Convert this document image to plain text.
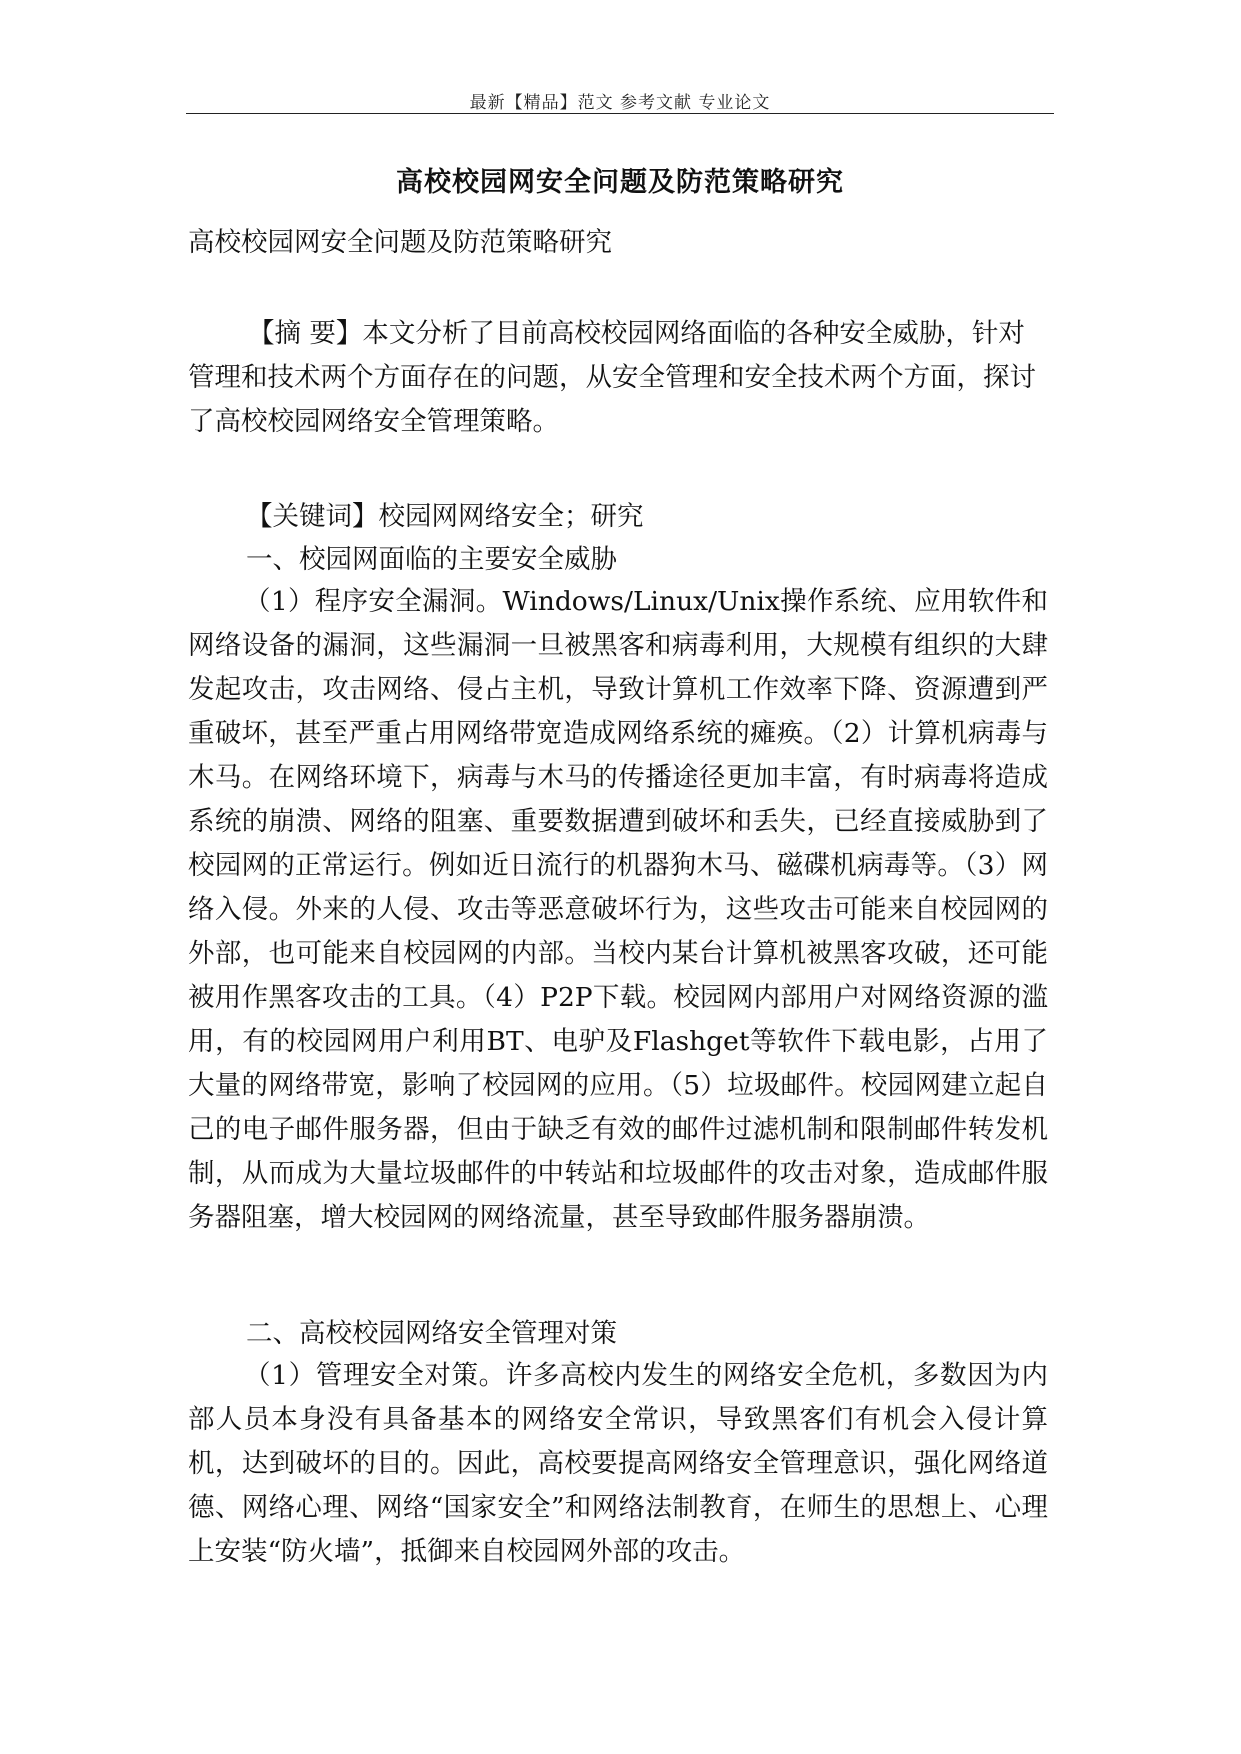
最新【精品】范文 参考文献 专业论文
高校校园网安全问题及防范策略研究

高校校园网安全问题及防范策略研究

【摘 要】本文分析了目前高校校园网络面临的各种安全威胁，针对管理和技术两个方面存在的问题，从安全管理和安全技术两个方面，探讨了高校校园网络安全管理策略。

【关键词】校园网网络安全；研究

一、校园网面临的主要安全威胁

（1）程序安全漏洞。Windows/Linux/Unix操作系统、应用软件和网络设备的漏洞，这些漏洞一旦被黑客和病毒利用，大规模有组织的大肆发起攻击，攻击网络、侵占主机，导致计算机工作效率下降、资源遭到严重破坏，甚至严重占用网络带宽造成网络系统的瘫痪。（2）计算机病毒与木马。在网络环境下，病毒与木马的传播途径更加丰富，有时病毒将造成系统的崩溃、网络的阻塞、重要数据遭到破坏和丢失，已经直接威胁到了校园网的正常运行。例如近日流行的机器狗木马、磁碟机病毒等。（3）网络入侵。外来的人侵、攻击等恶意破坏行为，这些攻击可能来自校园网的外部，也可能来自校园网的内部。当校内某台计算机被黑客攻破，还可能被用作黑客攻击的工具。（4）P2P下载。校园网内部用户对网络资源的滥用，有的校园网用户利用BT、电驴及Flashget等软件下载电影，占用了大量的网络带宽，影响了校园网的应用。（5）垃圾邮件。校园网建立起自己的电子邮件服务器，但由于缺乏有效的邮件过滤机制和限制邮件转发机制，从而成为大量垃圾邮件的中转站和垃圾邮件的攻击对象，造成邮件服务器阻塞，增大校园网的网络流量，甚至导致邮件服务器崩溃。

二、高校校园网络安全管理对策

（1）管理安全对策。许多高校内发生的网络安全危机，多数因为内部人员本身没有具备基本的网络安全常识，导致黑客们有机会入侵计算机，达到破坏的目的。因此，高校要提高网络安全管理意识，强化网络道德、网络心理、网络“国家安全”和网络法制教育，在师生的思想上、心理上安装“防火墙”，抵御来自校园网外部的攻击。
